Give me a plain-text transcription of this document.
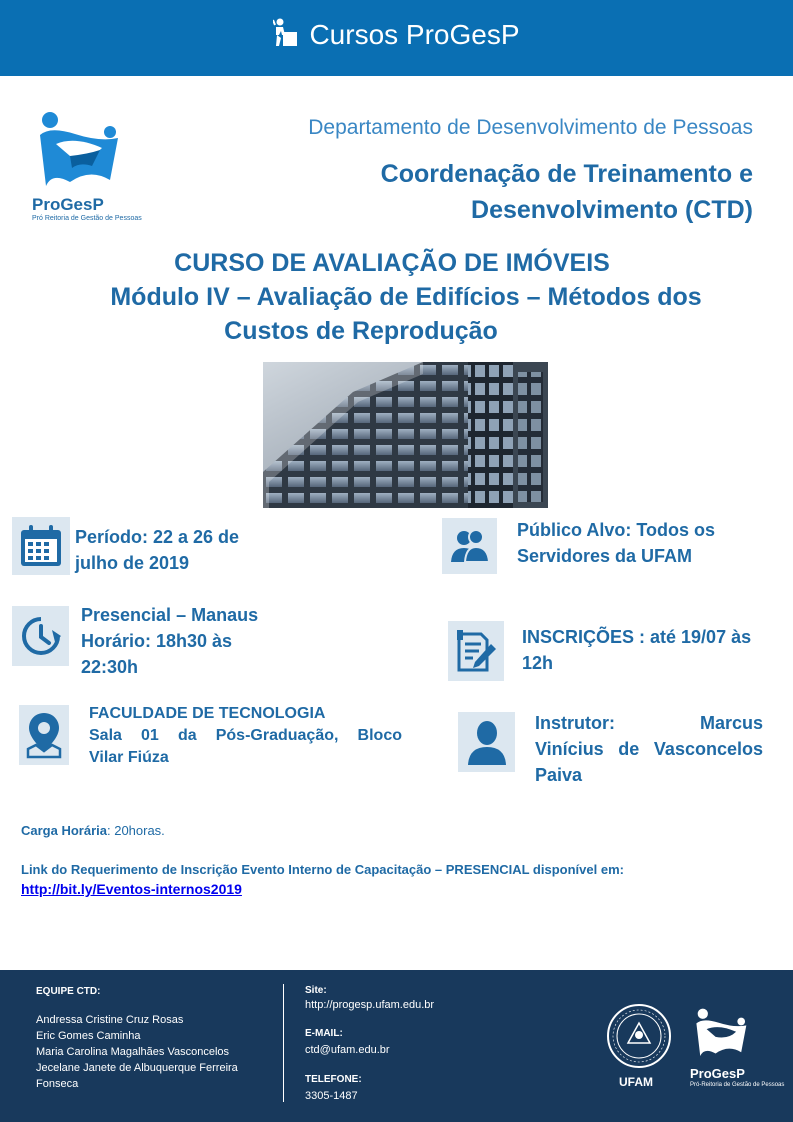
Cursos ProGesP
ProGesP
Pró Reitoria de Gestão de Pessoas
Departamento de Desenvolvimento de Pessoas
Coordenação de Treinamento e
Desenvolvimento (CTD)
CURSO DE AVALIAÇÃO DE IMÓVEIS
Módulo IV – Avaliação de Edifícios – Métodos dos
Custos de Reprodução
Período: 22 a 26 de
julho de 2019
Público Alvo: Todos os
Servidores da UFAM
Presencial – Manaus
Horário: 18h30 às
22:30h
INSCRIÇÕES : até 19/07 às
12h
FACULDADE DE TECNOLOGIA
Sala 01 da Pós-Graduação, Bloco
Vilar Fiúza
Instrutor: Marcus
Vinícius de Vasconcelos
Paiva
Carga Horária: 20horas.
Link do Requerimento de Inscrição Evento Interno de Capacitação – PRESENCIAL disponível em:
http://bit.ly/Eventos-internos2019
EQUIPE CTD:
Andressa Cristine Cruz Rosas
Eric Gomes Caminha
Maria Carolina Magalhães Vasconcelos
Jecelane Janete de Albuquerque Ferreira
Fonseca
Site:
http://progesp.ufam.edu.br
E-MAIL:
ctd@ufam.edu.br
TELEFONE:
3305-1487
UFAM
ProGesP
Pró-Reitoria de Gestão de Pessoas
